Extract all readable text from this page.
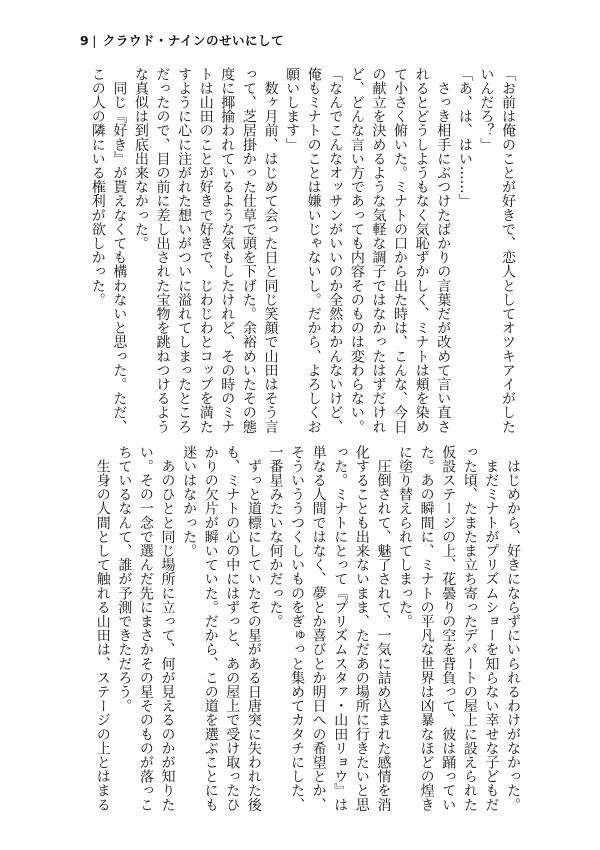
9 | クラウド・ナインのせいにして
「お前は俺のことが好きで、恋人としてオツキアイがした
いんだろ？」
「あ、は、はい……」
　さっき相手にぶつけたばかりの言葉だが改めて言い直さ
れるとどうしようもなく気恥ずかしく、ミナトは頬を染め
て小さく俯いた。ミナトの口から出た時は、こんな、今日
の献立を決めるような気軽な調子ではなかったはずだけれ
ど、どんな言い方であっても内容そのものは変わらない。
「なんでこんなオッサンがいいのか全然わかんないけど、
俺もミナトのことは嫌いじゃないし。だから、よろしくお
願いします」
　数ヶ月前、はじめて会った日と同じ笑顔で山田はそう言
って、芝居掛かった仕草で頭を下げた。余裕めいたその態
度に揶揄われているような気もしたけれど、その時のミナ
トは山田のことが好きで好きで、じわじわとコップを満た
すように心に注がれた想いがついに溢れてしまったところ
だったので、目の前に差し出された宝物を跳ねつけるよう
な真似は到底出来なかった。
　同じ『好き』が貰えなくても構わないと思った。ただ、
この人の隣にいる権利が欲しかった。
　はじめから、好きにならずにいられるわけがなかった。
　まだミナトがプリズムショーを知らない幸せな子どもだ
った頃、たまたま立ち寄ったデパートの屋上に設えられた
仮設ステージの上、花曇りの空を背負って、彼は踊ってい
た。あの瞬間に、ミナトの平凡な世界は凶暴なほどの煌き
に塗り替えられてしまった。
　圧倒されて、魅了されて、一気に詰め込まれた感情を消
化することも出来ないまま、ただあの場所に行きたいと思
った。ミナトにとって『プリズムスタァ・山田リョウ』は
単なる人間ではなく、夢とか喜びとか明日への希望とか、
そういううつくしいものをぎゅっと集めてカタチにした、
一番星みたいな何かだった。
　ずっと道標にしていたその星がある日唐突に失われた後
も、ミナトの心の中にはずっと、あの屋上で受け取ったひ
かりの欠片が瞬いていた。だから、この道を選ぶことにも
迷いはなかった。
　あのひとと同じ場所に立って、何が見えるのかが知りた
い。その一念で選んだ先にまさかその星そのものが落っこ
ちているなんて、誰が予測できただろう。
　生身の人間として触れる山田は、ステージの上とはまる
